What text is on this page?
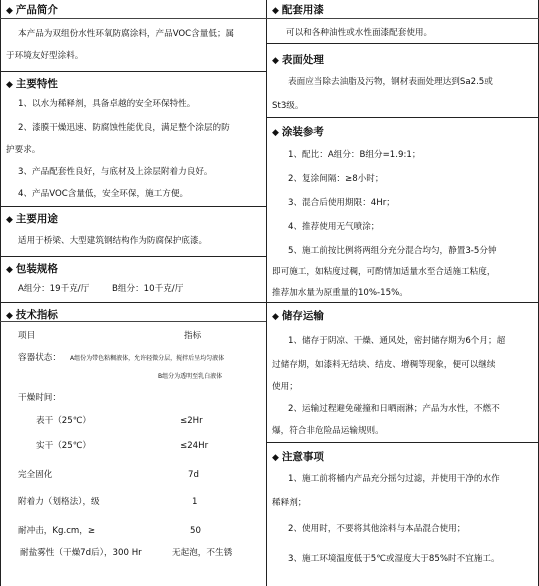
◆ 产品简介
本产品为双组份水性环氧防腐涂料，产品VOC含量低；属
于环境友好型涂料。
◆ 主要特性
1、以水为稀释剂，具备卓越的安全环保特性。
2、漆膜干燥迅速、防腐蚀性能优良，满足整个涂层的防
护要求。
3、产品配套性良好，与底材及上涂层附着力良好。
4、产品VOC含量低，安全环保，施工方便。
◆ 主要用途
适用于桥梁、大型建筑钢结构作为防腐保护底漆。
◆ 包装规格
A组分：19千克/厅	B组分：10千克/厅
◆ 技术指标
项目	指标
容器状态： A组份为带色粘稠液体，允许轻微分层，搅拌后呈均匀液体
B组分为透明至乳白液体
干燥时间：
表干（25℃）	≤2Hr
实干（25℃）	≤24Hr
完全固化	7d
附着力（划格法），级	1
耐冲击，Kg.cm，≥	50
耐盐雾性（干燥7d后），300 Hr	无起泡，不生锈
◆ 配套用漆
可以和各种油性或水性面漆配套使用。
◆ 表面处理
表面应当除去油脂及污物，钢材表面处理达到Sa2.5或
St3级。
◆ 涂装参考
1、配比：A组分：B组分=1.9:1；
2、复涂间隔：≥8小时；
3、混合后使用期限：4Hr；
4、推荐使用无气喷涂；
5、施工前按比例将两组分充分混合均匀，静置3-5分钟
即可施工，如粘度过稠，可酌情加适量水至合适施工粘度，
推荐加水量为原重量的10%-15%。
◆ 储存运输
1、储存于阴凉、干燥、通风处，密封储存期为6个月；超
过储存期，如漆料无结块、结皮、增稠等现象，便可以继续
使用；
2、运输过程避免碰撞和日晒雨淋；产品为水性，不燃不
爆，符合非危险品运输规则。
◆ 注意事项
1、施工前将桶内产品充分摇匀过滤，并使用干净的水作
稀释剂；
2、使用时，不要将其他涂料与本品混合使用；
3、施工环境温度低于5℃或湿度大于85%时不宜施工。
